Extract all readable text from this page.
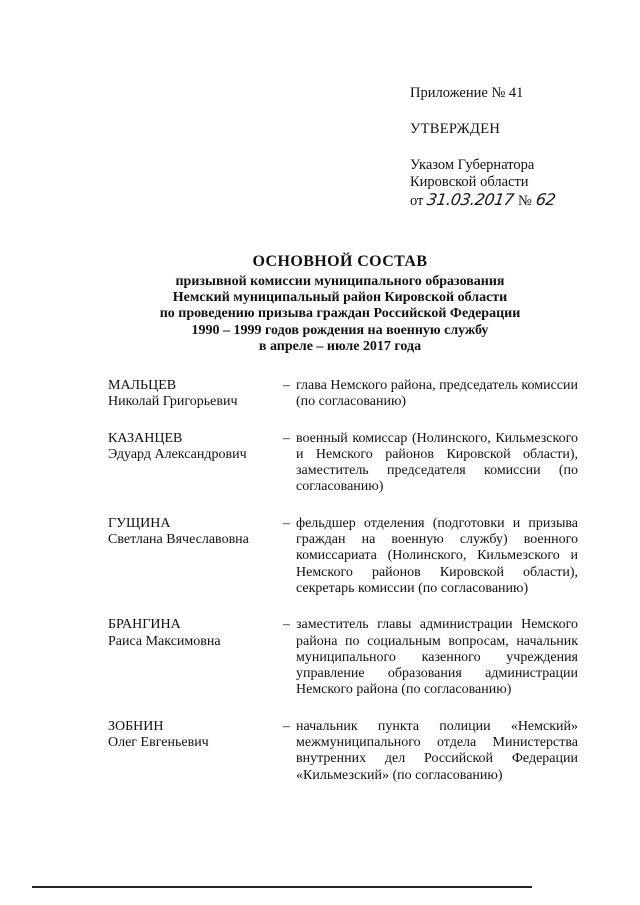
Приложение № 41
УТВЕРЖДЕН
Указом Губернатора
Кировской области
от 31.03.2017 № 62
ОСНОВНОЙ СОСТАВ
призывной комиссии муниципального образования
Немский муниципальный район Кировской области
по проведению призыва граждан Российской Федерации
1990 – 1999 годов рождения на военную службу
в апреле – июле 2017 года
МАЛЬЦЕВ
Николай Григорьевич
– глава Немского района, председатель комиссии (по согласованию)
КАЗАНЦЕВ
Эдуард Александрович
– военный комиссар (Нолинского, Кильмезского и Немского районов Кировской области), заместитель председателя комиссии (по согласованию)
ГУЩИНА
Светлана Вячеславовна
– фельдшер отделения (подготовки и призыва граждан на военную службу) военного комиссариата (Нолинского, Кильмезского и Немского районов Кировской области), секретарь комиссии (по согласованию)
БРАНГИНА
Раиса Максимовна
– заместитель главы администрации Немского района по социальным вопросам, начальник муниципального казенного учреждения управление образования администрации Немского района (по согласованию)
ЗОБНИН
Олег Евгеньевич
– начальник пункта полиции «Немский» межмуниципального отдела Министерства внутренних дел Российской Федерации «Кильмезский» (по согласованию)
